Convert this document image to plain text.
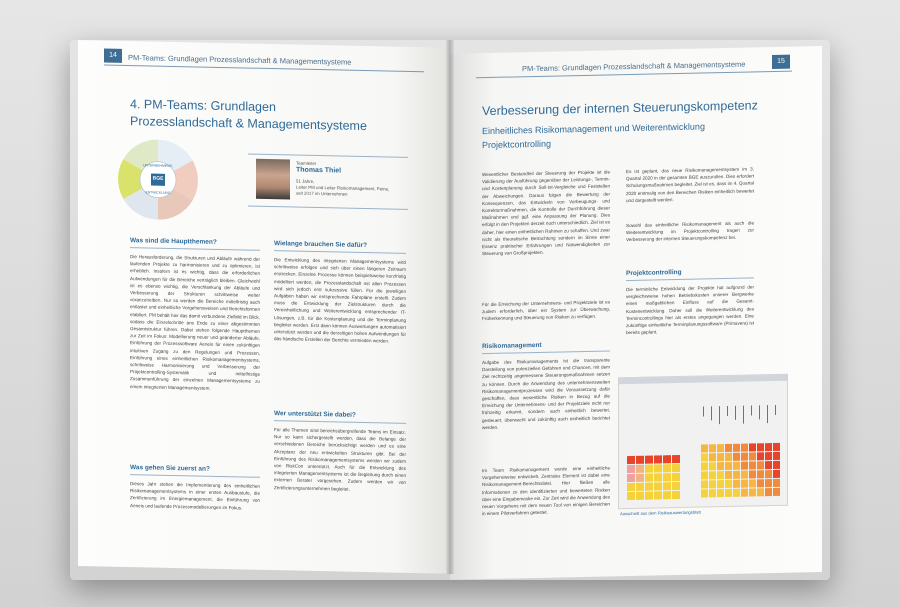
14	PM-Teams: Grundlagen Prozesslandschaft & Managementsysteme
4. PM-Teams: Grundlagen
Prozesslandschaft & Managementsysteme
BGE
UNTERNEHMENS-
ENTWICKLUNG
Teamleiter
Thomas Thiel
51 Jahre,
Leiter PM und Leiter Risikomanagement, Peine,
seit 2017 im Unternehmen
Was sind die Hauptthemen?
Die Herausforderung, die Strukturen und Abläufe während der laufenden Projekte zu harmonisieren und zu optimieren, ist erheblich. Insofern ist es wichtig, dass die erforderlichen Aufwendungen für die Bereiche verträglich bleiben. Gleichwohl ist es ebenso wichtig, die Verschlankung der Abläufe und Verbesserung der Strukturen schrittweise weiter voranzutreiben. Nur so werden die Bereiche mittelfristig auch entlastet und einheitliche Vorgehensweisen und Berichtsformen etabliert. PM behält hier das damit verbundene Zielbild im Blick, sodass die Einzelschritte ans Ende zu einer abgestimmten Gesamtstruktur führen. Dabei stehen folgende Hauptthemen zur Zeit im Fokus: Modellierung neuer und geänderter Abläufe, Einführung der Prozesssoftware Aeneis für einen zukünftigen intuitiven Zugang zu den Regelungen und Prozessen, Einführung eines einheitlichen Risikomanagementsystems, schrittweise Harmonisierung und Verbesserung der Projektcontrolling-Systematik und mittelfristige Zusammenführung der einzelnen Managementsysteme zu einem integrierten Managementsystem.
Was gehen Sie zuerst an?
Dieses Jahr stehen die Implementierung des einheitlichen Risikomanagementsystems in einer ersten Ausbaustufe, die Zertifizierung im Energiemanagement, die Einführung von Aeneis und laufende Prozessmodellierungen im Fokus.
Wielange brauchen Sie dafür?
Die Entwicklung des integrierten Managementsystems wird schrittweise erfolgen und sich über einen längeren Zeitraum erstrecken. Einzelne Prozesse können beispielsweise kurzfristig modelliert werden, die Prozesslandschaft mit allen Prozessen wird sich jedoch erst sukzessive füllen. Für die jeweiligen Aufgaben haben wir entsprechende Fahrpläne erstellt. Zudem muss die Entwicklung der Zielstrukturen durch die Vereinheitlichung und Weiterentwicklung entsprechender IT-Lösungen, z.B. für die Kostenplanung und die Terminplanung begleitet werden. Erst dann können Auswertungen automatisiert unterstützt werden und die derzeitigen hohen Aufwendungen für das händische Erstellen der Berichte vermieden werden.
Wer unterstützt Sie dabei?
Für alle Themen sind bereichsübergreifende Teams im Einsatz. Nur so kann sichergestellt werden, dass die Belange der verschiedenen Bereiche berücksichtigt werden und es eine Akzeptanz der neu entwickelten Strukturen gibt. Bei der Einführung des Risikomanagementsystems werden wir zudem von RiskCon unterstützt. Auch für die Entwicklung des integrierten Managementsystems ist die Begleitung durch einen externen Berater vorgesehen. Zudem werden wir von Zertifizierungsunternehmen begleitet.
PM-Teams: Grundlagen Prozesslandschaft & Managementsysteme	15
Verbesserung der internen Steuerungskompetenz
Einheitliches Risikomanagement und Weiterentwicklung
Projektcontrolling
Wesentlicher Bestandteil der Steuerung der Projekte ist die Validierung der Ausführung gegenüber der Leistungs-, Termin- und Kostenplanung durch Soll-Ist-Vergleiche und Feststellen der Abweichungen. Daraus folgen die Bewertung der Konsequenzen, das Entwickeln von Vorbeugungs- und Korrekturmaßnahmen, die Kontrolle der Durchführung dieser Maßnahmen und ggf. eine Anpassung der Planung. Dies erfolgt in den Projekten derzeit noch unterschiedlich. Ziel ist es daher, hier einen einheitlichen Rahmen zu schaffen. Und zwar nicht als theoretische Betrachtung sondern im Sinne einer Essenz praktischer Erfahrungen und Notwendigkeiten zur Steuerung von Großprojekten.
Für die Erreichung der Unternehmens- und Projektziele ist es zudem erforderlich, über ein System zur Überwachung, Früherkennung und Steuerung von Risiken zu verfügen.
Risikomanagement
Aufgabe des Risikomanagements ist die transparente Darstellung von potenziellen Gefahren und Chancen, mit dem Ziel rechtzeitig angemessene Steuerungsmaßnahmen setzen zu können. Durch die Anwendung des unternehmensweiten Risikomanagementprozesses wird die Voraussetzung dafür geschaffen, dass wesentliche Risiken in Bezug auf die Erreichung der Unternehmens- und der Projektziele nicht nur frühzeitig erkannt, sondern auch einheitlich bewertet, gesteuert, überwacht und zukünftig auch einheitlich berichtet werden.
Im Team Risikomanagement wurde eine einheitliche Vorgehensweise entwickelt. Zentrales Element ist dabei eine Risikomanagement-Berechtsdatei. Hier fließen alle Informationen zu den identifizierten und bewerteten Risiken über eine Eingabemaske ein. Zur Zeit wird die Anwendung des neuen Vorgehens mit dem neuen Tool von einigen Bereichen in einem Pilotverfahren getestet.
Es ist geplant, das neue Risikomanagementsystem im 3. Quartal 2020 in der gesamten BGE auszurollen. Dies erfordert Schulungsmaßnahmen begleitet. Ziel ist es, dass im 4. Quartal 2020 erstmalig von den Bereichen Risiken einheitlich bewertet und dargestellt werden.
Sowohl das einheitliche Risikomanagement als auch die Weiterentwicklung im Projektcontrolling tragen zur Verbesserung der internen Steuerungskompetenz bei.
Projektcontrolling
Die terminliche Entwicklung der Projekte hat aufgrund der vergleichsweise hohen Betriebskosten unserer Bergwerke einen maßgeblichen Einfluss auf die Gesamt-Kostenentwicklung. Daher soll die Weiterentwicklung des Termincontrollings hier als erstes angegangen werden. Eine zukünftige einheitliche Terminplanungssoftware (Primavera) ist bereits geplant.
Ausschnitt aus dem Risikoauswertungsblatt
